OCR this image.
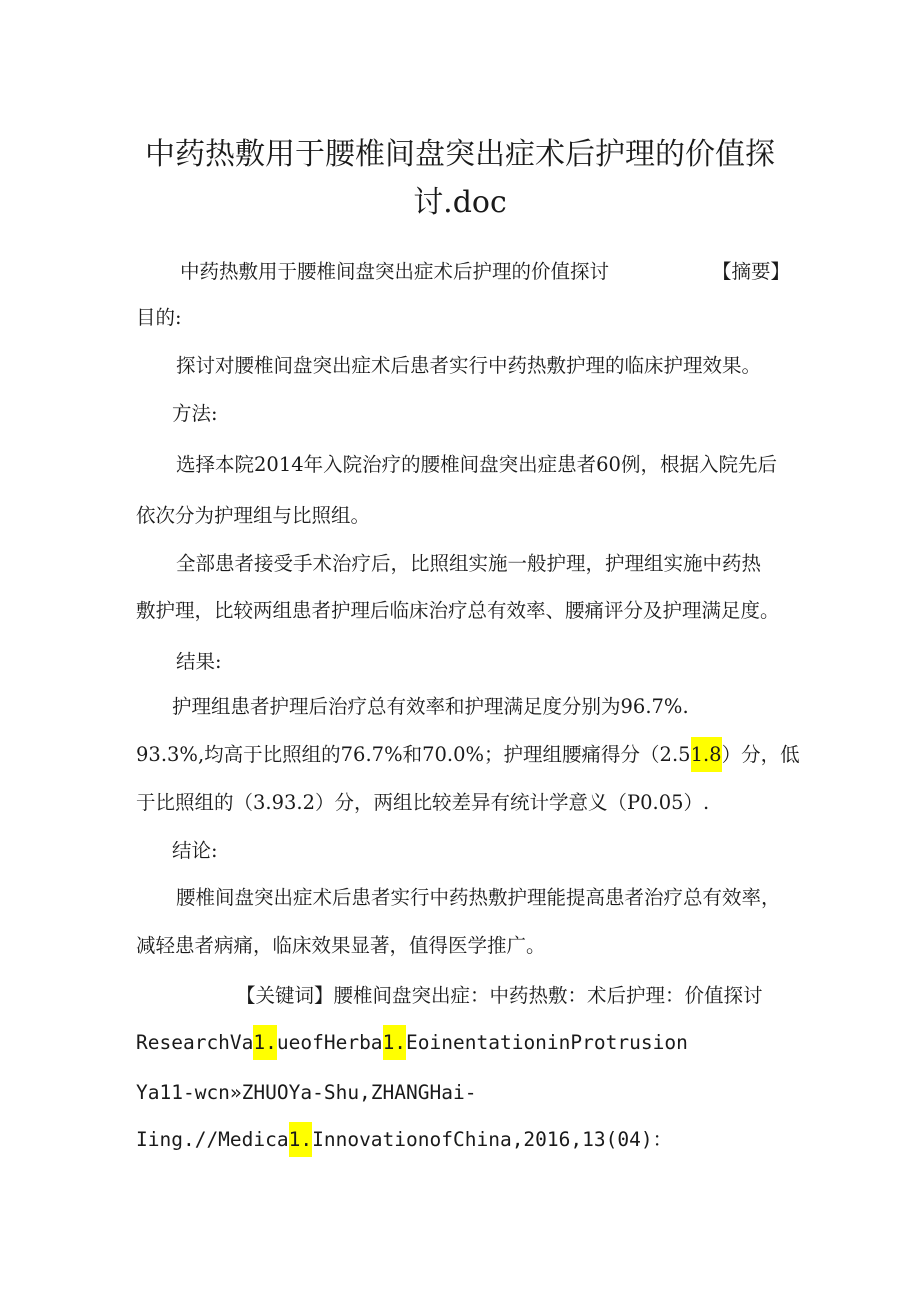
中药热敷用于腰椎间盘突出症术后护理的价值探
讨.doc
中药热敷用于腰椎间盘突出症术后护理的价值探讨	【摘要】
目的:
探讨对腰椎间盘突出症术后患者实行中药热敷护理的临床护理效果。
方法:
选择本院2014年入院治疗的腰椎间盘突出症患者60例，根据入院先后
依次分为护理组与比照组。
全部患者接受手术治疗后，比照组实施一般护理，护理组实施中药热
敷护理，比较两组患者护理后临床治疗总有效率、腰痛评分及护理满足度。
结果:
护理组患者护理后治疗总有效率和护理满足度分别为96.7%.
93.3%,均高于比照组的76.7%和70.0%；护理组腰痛得分（2.51.8）分，低
于比照组的（3.93.2）分，两组比较差异有统计学意义（P0.05）.
结论:
腰椎间盘突出症术后患者实行中药热敷护理能提高患者治疗总有效率，
减轻患者病痛，临床效果显著，值得医学推广。
【关键词】腰椎间盘突出症：中药热敷：术后护理：价值探讨
ResearchVa1.ueofHerba1.EoinentationinProtrusion
Ya11-wcn»ZHUOYa-Shu,ZHANGHai-
Iing.//Medica1.InnovationofChina,2016,13(04)：
